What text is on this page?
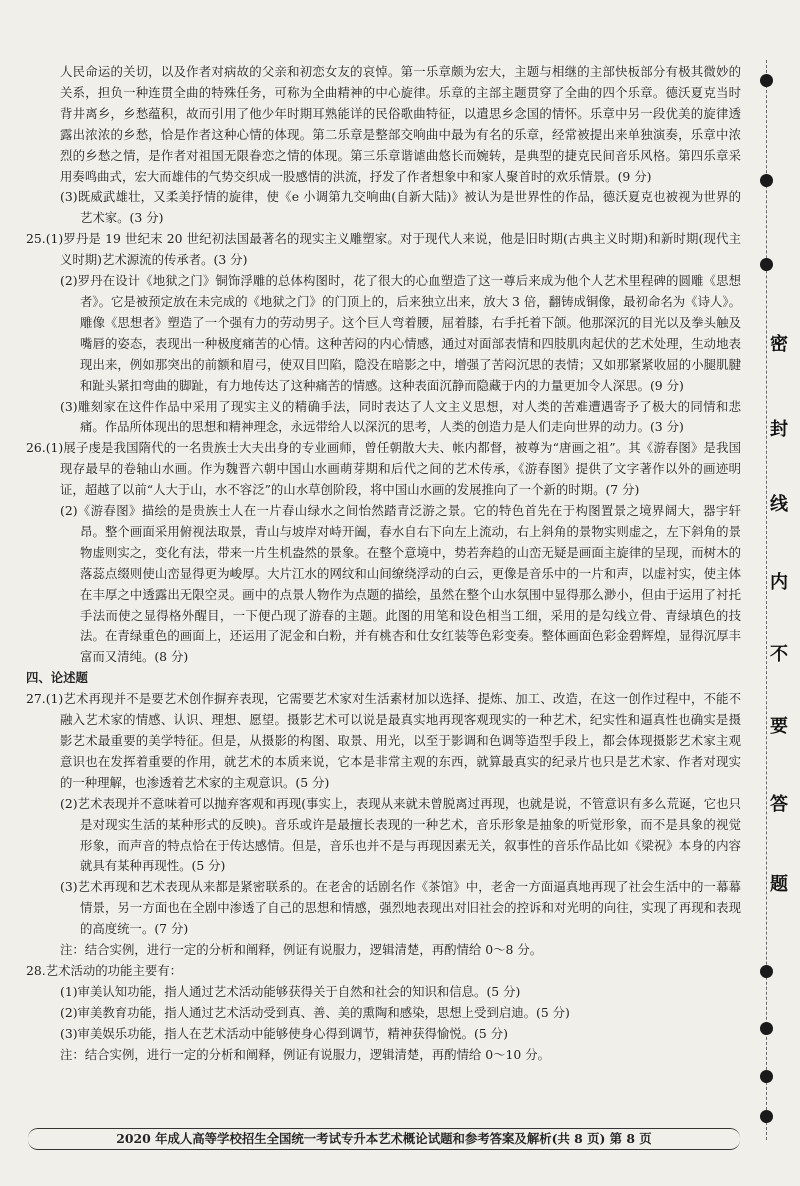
人民命运的关切，以及作者对病故的父亲和初恋女友的哀悼。第一乐章颇为宏大，主题与相继的主部快板部分有极其微妙的关系，担负一种连贯全曲的特殊任务，可称为全曲精神的中心旋律。乐章的主部主题贯穿了全曲的四个乐章。德沃夏克当时背井离乡，乡愁蕴积，故而引用了他少年时期耳熟能详的民俗歌曲特征，以遣思乡念国的情怀。乐章中另一段优美的旋律透露出浓浓的乡愁，恰是作者这种心情的体现。第二乐章是整部交响曲中最为有名的乐章，经常被提出来单独演奏，乐章中浓烈的乡愁之情，是作者对祖国无限眷恋之情的体现。第三乐章谐谑曲悠长而婉转，是典型的捷克民间音乐风格。第四乐章采用奏鸣曲式，宏大而雄伟的气势交织成一股感情的洪流，抒发了作者想象中和家人聚首时的欢乐情景。(9 分)

(3)既威武雄壮，又柔美抒情的旋律，使《e 小调第九交响曲(自新大陆)》被认为是世界性的作品，德沃夏克也被视为世界的艺术家。(3 分)

25.(1)罗丹是 19 世纪末 20 世纪初法国最著名的现实主义雕塑家。对于现代人来说，他是旧时期(古典主义时期)和新时期(现代主义时期)艺术源流的传承者。(3 分)

(2)罗丹在设计《地狱之门》铜饰浮雕的总体构图时，花了很大的心血塑造了这一尊后来成为他个人艺术里程碑的圆雕《思想者》。它是被预定放在未完成的《地狱之门》的门顶上的，后来独立出来，放大 3 倍，翻铸成铜像，最初命名为《诗人》。雕像《思想者》塑造了一个强有力的劳动男子。这个巨人弯着腰，屈着膝，右手托着下颌。他那深沉的目光以及拳头触及嘴唇的姿态，表现出一种极度痛苦的心情。这种苦闷的内心情感，通过对面部表情和四肢肌肉起伏的艺术处理，生动地表现出来，例如那突出的前额和眉弓，使双目凹陷，隐没在暗影之中，增强了苦闷沉思的表情；又如那紧紧收屈的小腿肌腱和趾头紧扣弯曲的脚趾，有力地传达了这种痛苦的情感。这种表面沉静而隐藏于内的力量更加令人深思。(9 分)

(3)雕刻家在这件作品中采用了现实主义的精确手法，同时表达了人文主义思想，对人类的苦难遭遇寄予了极大的同情和悲痛。作品所体现出的思想和精神理念，永远带给人以深沉的思考，人类的创造力是人们走向世界的动力。(3 分)

26.(1)展子虔是我国隋代的一名贵族士大夫出身的专业画师，曾任朝散大夫、帐内都督，被尊为“唐画之祖”。其《游春图》是我国现存最早的卷轴山水画。作为魏晋六朝中国山水画萌芽期和后代之间的艺术传承，《游春图》提供了文字著作以外的画迹明证，超越了以前“人大于山，水不容泛”的山水草创阶段，将中国山水画的发展推向了一个新的时期。(7 分)

(2)《游春图》描绘的是贵族士人在一片春山绿水之间怡然踏青泛游之景。它的特色首先在于构图置景之境界阔大，器宇轩昂。整个画面采用俯视法取景，青山与坡岸对峙开阖，春水自右下向左上流动，右上斜角的景物实则虚之，左下斜角的景物虚则实之，变化有法，带来一片生机盎然的景象。在整个意境中，势若奔趋的山峦无疑是画面主旋律的呈现，而树木的落蕊点缀则使山峦显得更为峻厚。大片江水的网纹和山间缭绕浮动的白云，更像是音乐中的一片和声，以虚衬实，使主体在丰厚之中透露出无限空灵。画中的点景人物作为点题的描绘，虽然在整个山水氛围中显得那么渺小，但由于运用了衬托手法而使之显得格外醒目，一下便凸现了游春的主题。此图的用笔和设色相当工细，采用的是勾线立骨、青绿填色的技法。在青绿重色的画面上，还运用了泥金和白粉，并有桃杏和仕女红装等色彩变奏。整体画面色彩金碧辉煌，显得沉厚丰富而又清纯。(8 分)

四、论述题

27.(1)艺术再现并不是要艺术创作摒弃表现，它需要艺术家对生活素材加以选择、提炼、加工、改造，在这一创作过程中，不能不融入艺术家的情感、认识、理想、愿望。摄影艺术可以说是最真实地再现客观现实的一种艺术，纪实性和逼真性也确实是摄影艺术最重要的美学特征。但是，从摄影的构图、取景、用光，以至于影调和色调等造型手段上，都会体现摄影艺术家主观意识也在发挥着重要的作用，就艺术的本质来说，它本是非常主观的东西，就算最真实的纪录片也只是艺术家、作者对现实的一种理解，也渗透着艺术家的主观意识。(5 分)

(2)艺术表现并不意味着可以抛弃客观和再现(事实上，表现从来就未曾脱离过再现，也就是说，不管意识有多么荒诞，它也只是对现实生活的某种形式的反映)。音乐或许是最擅长表现的一种艺术，音乐形象是抽象的听觉形象，而不是具象的视觉形象，而声音的特点恰在于传达感情。但是，音乐也并不是与再现因素无关，叙事性的音乐作品比如《梁祝》本身的内容就具有某种再现性。(5 分)

(3)艺术再现和艺术表现从来都是紧密联系的。在老舍的话剧名作《茶馆》中，老舍一方面逼真地再现了社会生活中的一幕幕情景，另一方面也在全剧中渗透了自己的思想和情感，强烈地表现出对旧社会的控诉和对光明的向往，实现了再现和表现的高度统一。(7 分)

注：结合实例，进行一定的分析和阐释，例证有说服力，逻辑清楚，再酌情给 0～8 分。

28.艺术活动的功能主要有：

(1)审美认知功能，指人通过艺术活动能够获得关于自然和社会的知识和信息。(5 分)

(2)审美教育功能，指人通过艺术活动受到真、善、美的熏陶和感染，思想上受到启迪。(5 分)

(3)审美娱乐功能，指人在艺术活动中能够使身心得到调节，精神获得愉悦。(5 分)

注：结合实例，进行一定的分析和阐释，例证有说服力，逻辑清楚，再酌情给 0～10 分。

密
封
线
内
不
要
答
题
2020 年成人高等学校招生全国统一考试专升本艺术概论试题和参考答案及解析(共 8 页) 第 8 页
